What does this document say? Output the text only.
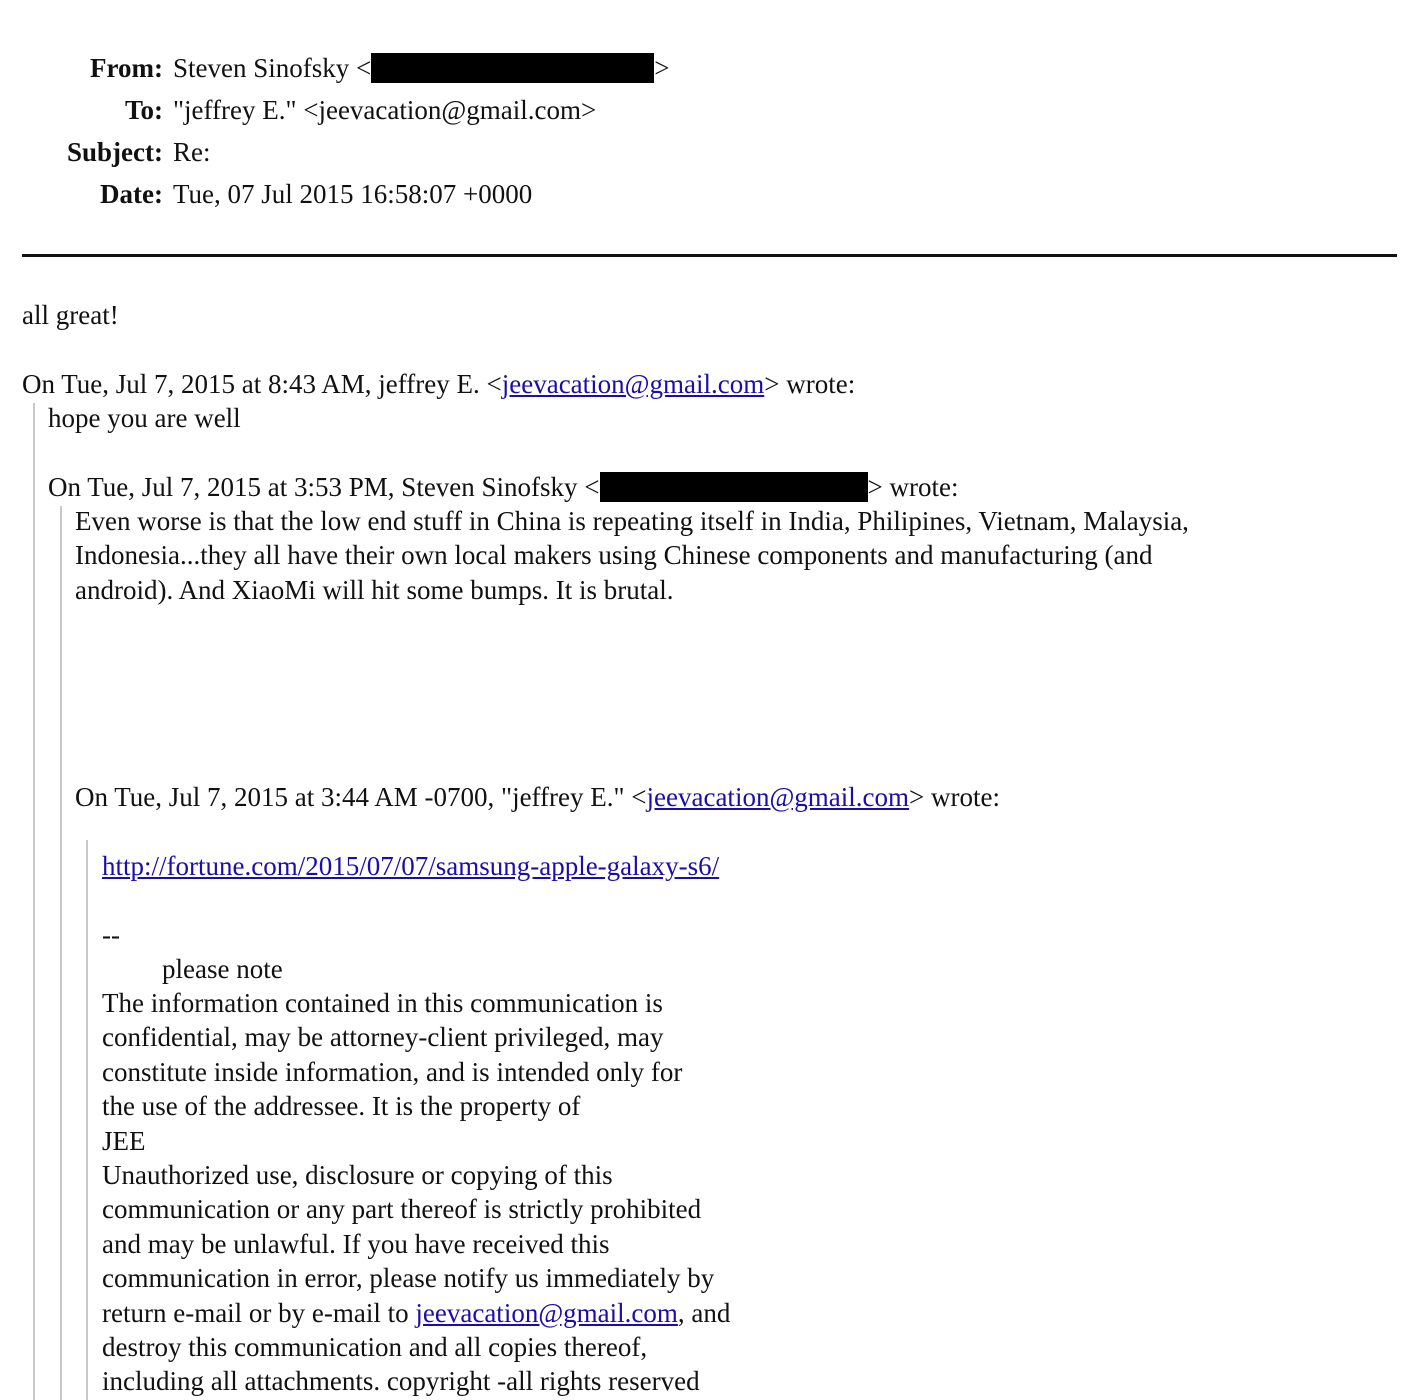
From: Steven Sinofsky <	>
To: "jeffrey E." <jeevacation@gmail.com>
Subject: Re:
Date: Tue, 07 Jul 2015 16:58:07 +0000
all great!
On Tue, Jul 7, 2015 at 8:43 AM, jeffrey E. <jeevacation@gmail.com> wrote:
hope you are well
On Tue, Jul 7, 2015 at 3:53 PM, Steven Sinofsky <	> wrote:
Even worse is that the low end stuff in China is repeating itself in India, Philipines, Vietnam, Malaysia,
Indonesia...they all have their own local makers using Chinese components and manufacturing (and
android). And XiaoMi will hit some bumps. It is brutal.
On Tue, Jul 7, 2015 at 3:44 AM -0700, "jeffrey E." <jeevacation@gmail.com> wrote:
http://fortune.com/2015/07/07/samsung-apple-galaxy-s6/
--
please note
The information contained in this communication is
confidential, may be attorney-client privileged, may
constitute inside information, and is intended only for
the use of the addressee. It is the property of
JEE
Unauthorized use, disclosure or copying of this
communication or any part thereof is strictly prohibited
and may be unlawful. If you have received this
communication in error, please notify us immediately by
return e-mail or by e-mail to jeevacation@gmail.com, and
destroy this communication and all copies thereof,
including all attachments. copyright -all rights reserved
